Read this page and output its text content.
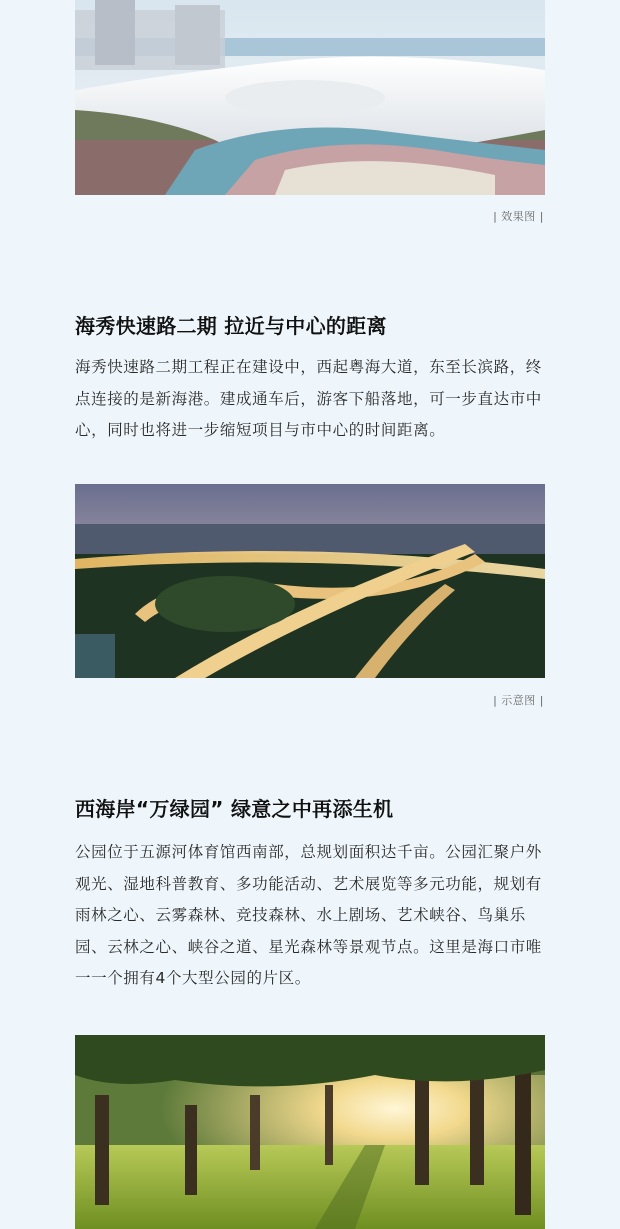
| 效果图 |
海秀快速路二期 拉近与中心的距离

海秀快速路二期工程正在建设中，西起粤海大道，东至长滨路，终点连接的是新海港。建成通车后，游客下船落地，可一步直达市中心，同时也将进一步缩短项目与市中心的时间距离。

| 示意图 |
西海岸“万绿园” 绿意之中再添生机

公园位于五源河体育馆西南部，总规划面积达千亩。公园汇聚户外观光、湿地科普教育、多功能活动、艺术展览等多元功能，规划有雨林之心、云雾森林、竞技森林、水上剧场、艺术峡谷、鸟巢乐园、云林之心、峡谷之道、星光森林等景观节点。这里是海口市唯一一个拥有4个大型公园的片区。
